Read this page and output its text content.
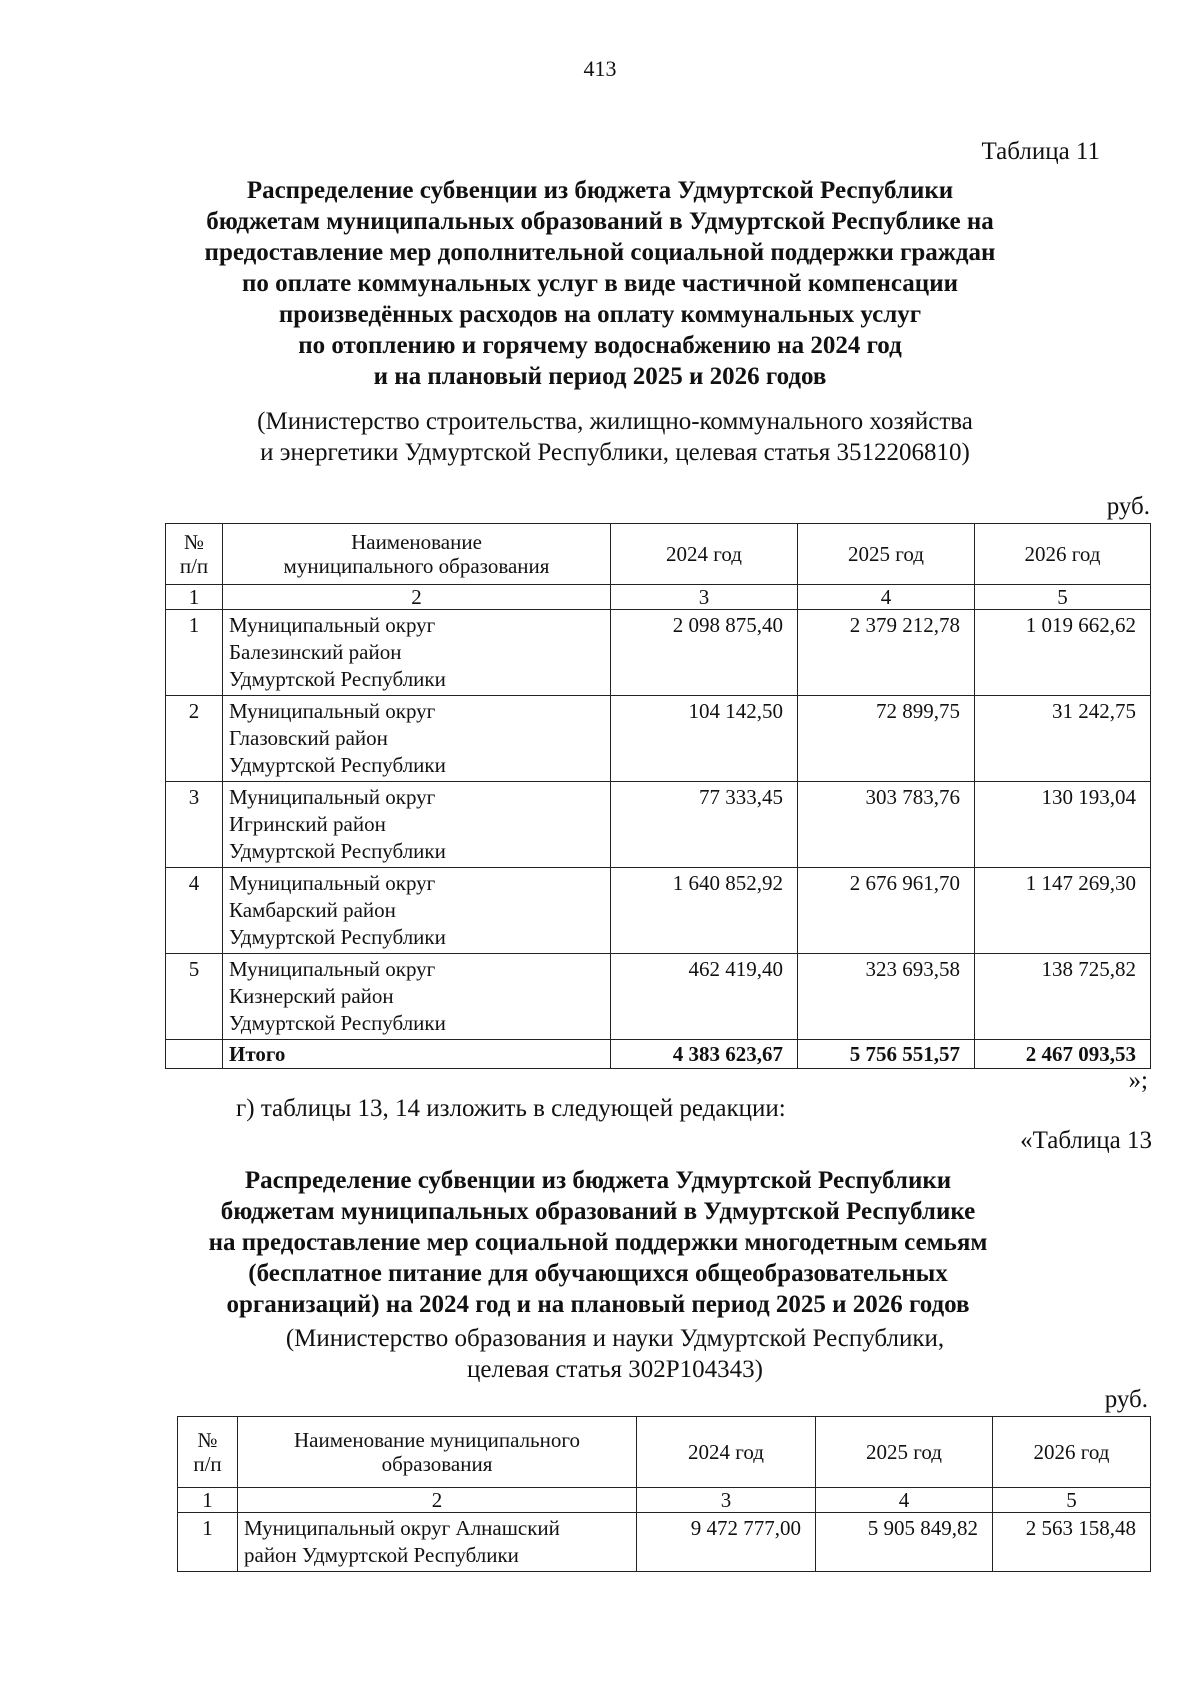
413
Таблица 11
Распределение субвенции из бюджета Удмуртской Республики
бюджетам муниципальных образований в Удмуртской Республике на
предоставление мер дополнительной социальной поддержки граждан
по оплате коммунальных услуг в виде частичной компенсации
произведённых расходов на оплату коммунальных услуг
по отоплению и горячему водоснабжению на 2024 год
и на плановый период 2025 и 2026 годов
(Министерство строительства, жилищно-коммунального хозяйства
и энергетики Удмуртской Республики, целевая статья 3512206810)
руб.
№
п/п	Наименование
муниципального образования	2024 год	2025 год	2026 год
1	2	3	4	5
1	Муниципальный округ
Балезинский район
Удмуртской Республики	2 098 875,40	2 379 212,78	1 019 662,62
2	Муниципальный округ
Глазовский район
Удмуртской Республики	104 142,50	72 899,75	31 242,75
3	Муниципальный округ
Игринский район
Удмуртской Республики	77 333,45	303 783,76	130 193,04
4	Муниципальный округ
Камбарский район
Удмуртской Республики	1 640 852,92	2 676 961,70	1 147 269,30
5	Муниципальный округ
Кизнерский район
Удмуртской Республики	462 419,40	323 693,58	138 725,82
	Итого	4 383 623,67	5 756 551,57	2 467 093,53
»;
г) таблицы 13, 14 изложить в следующей редакции:
«Таблица 13
Распределение субвенции из бюджета Удмуртской Республики
бюджетам муниципальных образований в Удмуртской Республике
на предоставление мер социальной поддержки многодетным семьям
(бесплатное питание для обучающихся общеобразовательных
организаций) на 2024 год и на плановый период 2025 и 2026 годов
(Министерство образования и науки Удмуртской Республики,
целевая статья 302P104343)
руб.
№
п/п	Наименование муниципального
образования	2024 год	2025 год	2026 год
1	2	3	4	5
1	Муниципальный округ Алнашский
район Удмуртской Республики	9 472 777,00	5 905 849,82	2 563 158,48
